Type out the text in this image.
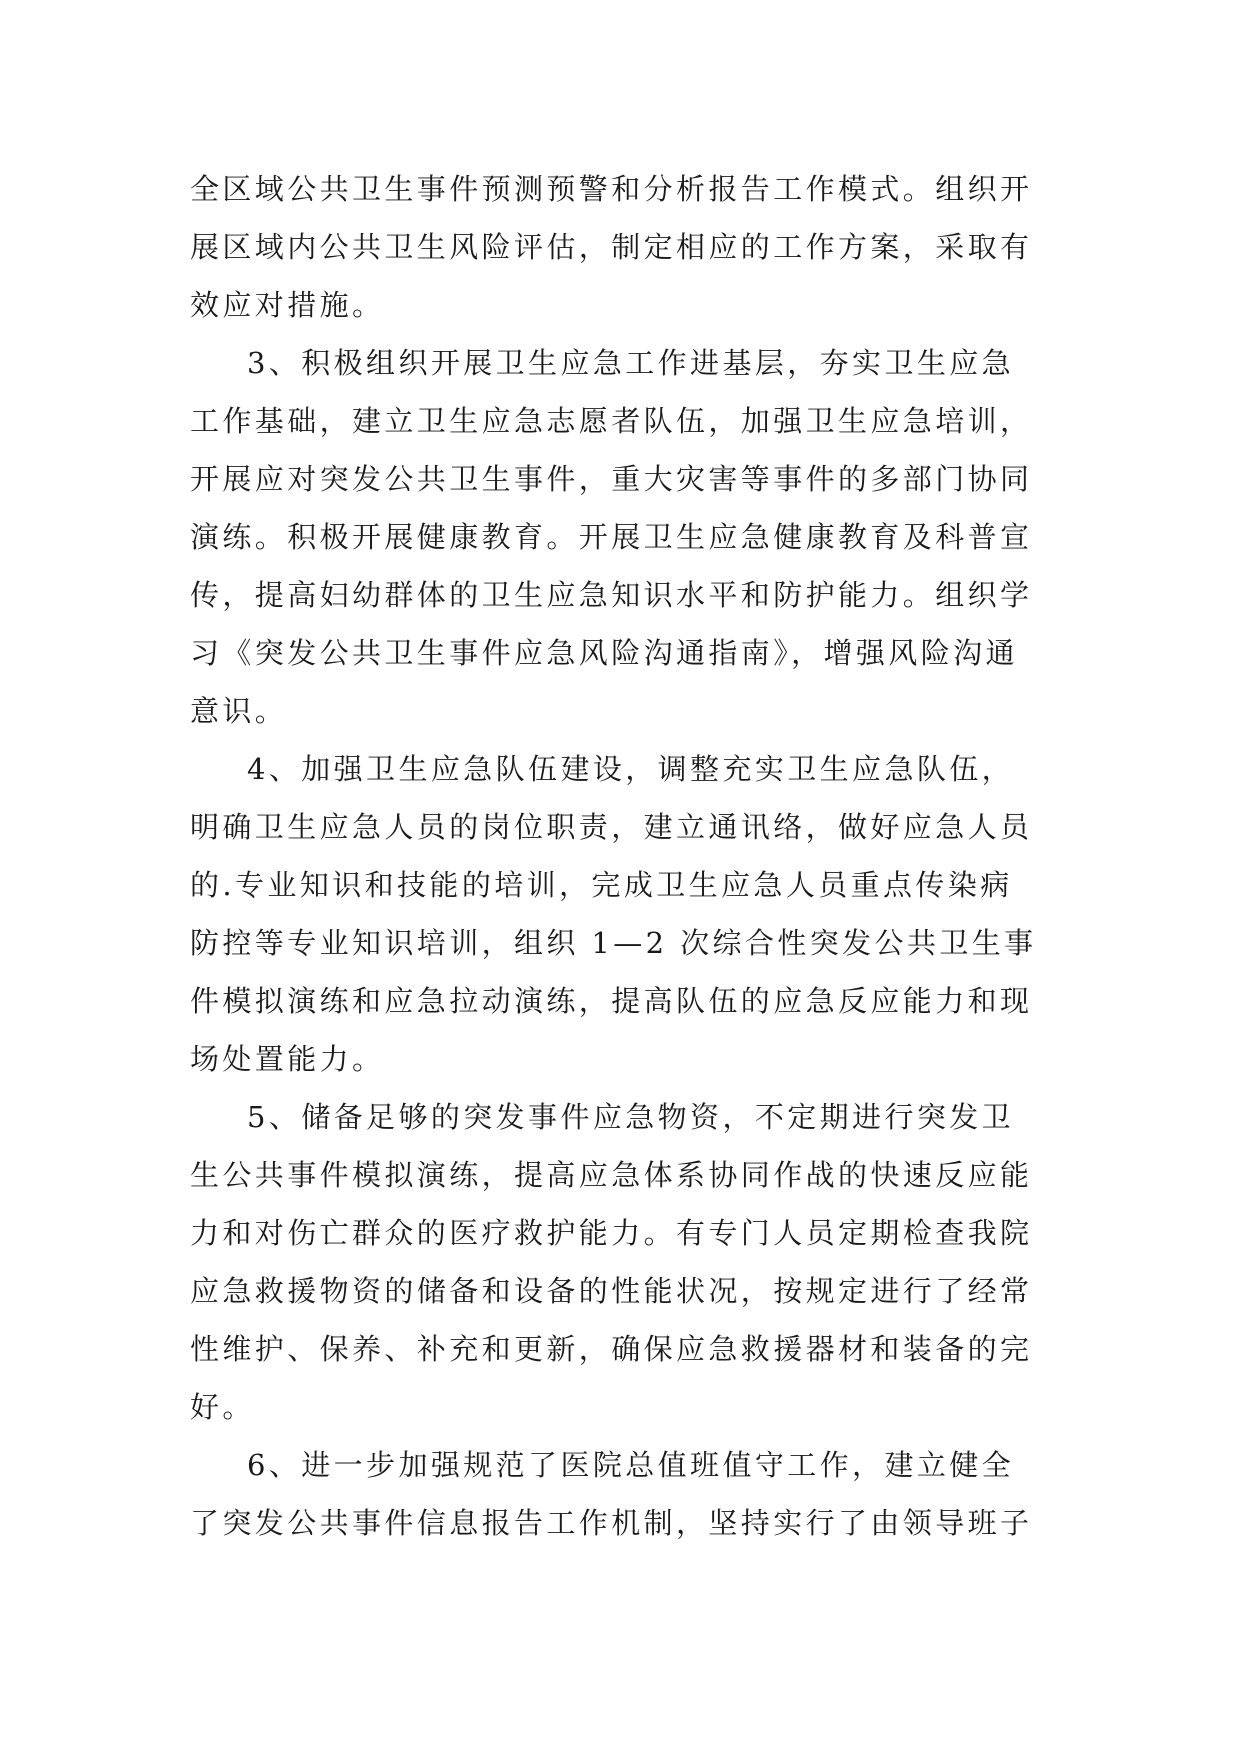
全区域公共卫生事件预测预警和分析报告工作模式。组织开
展区域内公共卫生风险评估，制定相应的工作方案，采取有
效应对措施。
3、积极组织开展卫生应急工作进基层，夯实卫生应急
工作基础，建立卫生应急志愿者队伍，加强卫生应急培训，
开展应对突发公共卫生事件，重大灾害等事件的多部门协同
演练。积极开展健康教育。开展卫生应急健康教育及科普宣
传，提高妇幼群体的卫生应急知识水平和防护能力。组织学
习《突发公共卫生事件应急风险沟通指南》，增强风险沟通
意识。
4、加强卫生应急队伍建设，调整充实卫生应急队伍，
明确卫生应急人员的岗位职责，建立通讯络，做好应急人员
的.专业知识和技能的培训，完成卫生应急人员重点传染病
防控等专业知识培训，组织 1—2 次综合性突发公共卫生事
件模拟演练和应急拉动演练，提高队伍的应急反应能力和现
场处置能力。
5、储备足够的突发事件应急物资，不定期进行突发卫
生公共事件模拟演练，提高应急体系协同作战的快速反应能
力和对伤亡群众的医疗救护能力。有专门人员定期检查我院
应急救援物资的储备和设备的性能状况，按规定进行了经常
性维护、保养、补充和更新，确保应急救援器材和装备的完
好。
6、进一步加强规范了医院总值班值守工作，建立健全
了突发公共事件信息报告工作机制，坚持实行了由领导班子
